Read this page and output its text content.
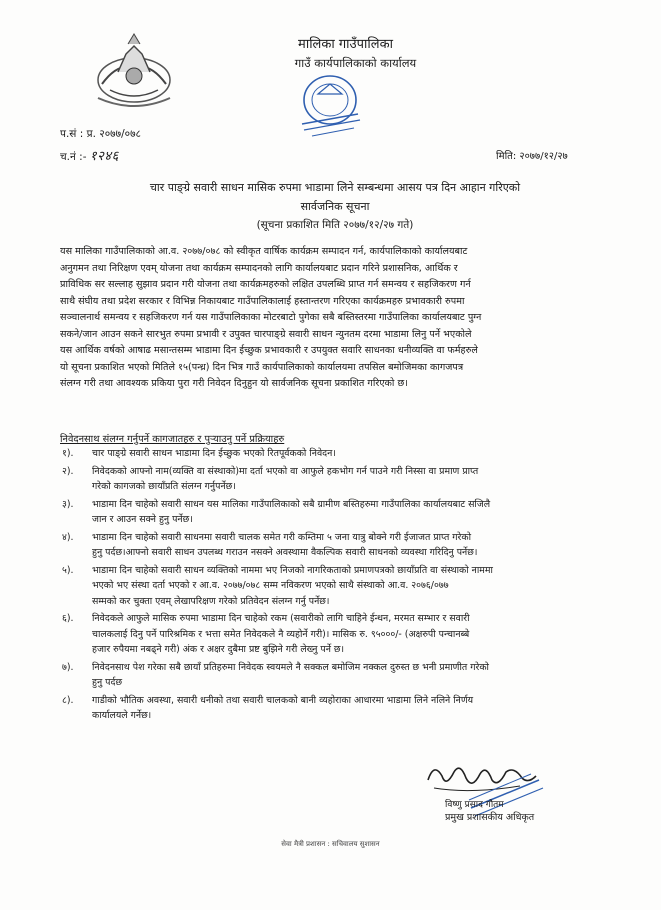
मालिका गाउँपालिका
गाउँ कार्यपालिकाको कार्यालय
प.सं : प्र. २०७७/०७८
च.नं :- १२४६	मिति: २०७७/१२/२७
चार पाङ्ग्रे सवारी साधन मासिक रुपमा भाडामा लिने सम्बन्धमा आसय पत्र दिन आहान गरिएको
सार्वजनिक सूचना
(सूचना प्रकाशित मिति २०७७/१२/२७ गते)
यस मालिका गाउँपालिकाको आ.व. २०७७/०७८ को स्वीकृत वार्षिक कार्यक्रम सम्पादन गर्न, कार्यपालिकाको कार्यालयबाट
अनुगमन तथा निरिक्षण एवम् योजना तथा कार्यक्रम सम्पादनको लागि कार्यालयबाट प्रदान गरिने प्रशासनिक, आर्थिक र
प्राविधिक सर सल्लाह सुझाव प्रदान गरी योजना तथा कार्यक्रमहरुको लक्षित उपलब्धि प्राप्त गर्न समन्वय र सहजिकरण गर्न
साथै संघीय तथा प्रदेश सरकार र विभिन्न निकायबाट गाउँपालिकालाई हस्तान्तरण गरिएका कार्यक्रमहरु प्रभावकारी रुपमा
सञ्चालनार्थ समन्वय र सहजिकरण गर्न यस गाउँपालिकाका मोटरबाटो पुगेका सबै बस्तिस्तरमा गाउँपालिका कार्यालयबाट पुग्न
सकने/जान आउन सकने सारभुत रुपमा प्रभावी र उपुक्त चारपाङ्ग्रे सवारी साधन न्युनतम दरमा भाडामा लिनु पर्ने भएकोले
यस आर्थिक वर्षको आषाढ मसान्तसम्म भाडामा दिन ईच्छुक प्रभावकारी र उपयुक्त सवारि साधनका धनीव्यक्ति वा फर्महरुले
यो सूचना प्रकाशित भएको मितिले १५(पन्ध्र) दिन भित्र गाउँ कार्यपालिकाको कार्यालयमा तपसिल बमोजिमका कागजपत्र
संलग्न गरी तथा आवश्यक प्रकिया पुरा गरी निवेदन दिनुहुन यो सार्वजनिक सूचना प्रकाशित गरिएको छ।
निवेदनसाथ संलग्न गर्नुपर्ने कागजातहरु र पुऱ्याउनु पर्ने प्रक्रियाहरु
१).	चार पाङ्ग्रे सवारी साधन भाडामा दिन ईच्छुक भएको रितपूर्वकको निवेदन।
२).	निवेदकको आफ्नो नाम(व्यक्ति वा संस्थाको)मा दर्ता भएको वा आफुले हकभोग गर्न पाउने गरी निस्सा वा प्रमाण प्राप्त
गरेको कागजको छायाँप्रति संलग्न गर्नुपर्नेछ।
३).	भाडामा दिन चाहेको सवारी साधन यस मालिका गाउँपालिकाको सबै ग्रामीण बस्तिहरुमा गाउँपालिका कार्यालयबाट सजिलै
जान र आउन सक्ने हुनु पर्नेछ।
४).	भाडामा दिन चाहेको सवारी साधनमा सवारी चालक समेत गरी कम्तिमा ५ जना यात्रु बोक्ने गरी ईजाजत प्राप्त गरेको
हुनु पर्दछ।आफ्नो सवारी साधन उपलब्ध गराउन नसक्ने अवस्थामा वैकल्पिक सवारी साधनको व्यवस्था गरिदिनु पर्नेछ।
५).	भाडामा दिन चाहेको सवारी साधन व्यक्तिको नाममा भए निजको नागरिकताको प्रमाणपत्रको छायाँप्रति वा संस्थाको नाममा
भएको भए संस्था दर्ता भएको र आ.व. २०७७/०७८ सम्म नविकरण भएको साथै संस्थाको आ.व. २०७६/०७७
सम्मको कर चुक्ता एवम् लेखापरिक्षण गरेको प्रतिवेदन संलग्न गर्नु पर्नेछ।
६).	निवेदकले आफुले मासिक रुपमा भाडामा दिन चाहेको रकम (सवारीको लागि चाहिने ईन्धन, मरमत सम्भार र सवारी
चालकलाई दिनु पर्ने पारिश्रमिक र भत्ता समेत निवेदकले नै व्यहोर्ने गरी)। मासिक रु. ९५०००/- (अक्षरुपी पन्चानब्बे
हजार रुपैयमा नबढ्ने गरी) अंक र अक्षर दुबैमा प्रष्ट बुझिने गरी लेख्नु पर्ने छ।
७).	निवेदनसाथ पेश गरेका सबै छायाँ प्रतिहरुमा निवेदक स्वयमले नै सक्कल बमोजिम नक्कल दुरुस्त छ भनी प्रमाणीत गरेको
हुनु पर्दछ
८).	गाडीको भौतिक अवस्था, सवारी धनीको तथा सवारी चालकको बानी व्यहोराका आधारमा भाडामा लिने नलिने निर्णय
कार्यालयले गर्नेछ।
विष्णु प्रसाद गौतम
प्रमुख प्रशासकीय अधिकृत
सेवा मैत्री प्रशासन : सचिवालय सुशासन
